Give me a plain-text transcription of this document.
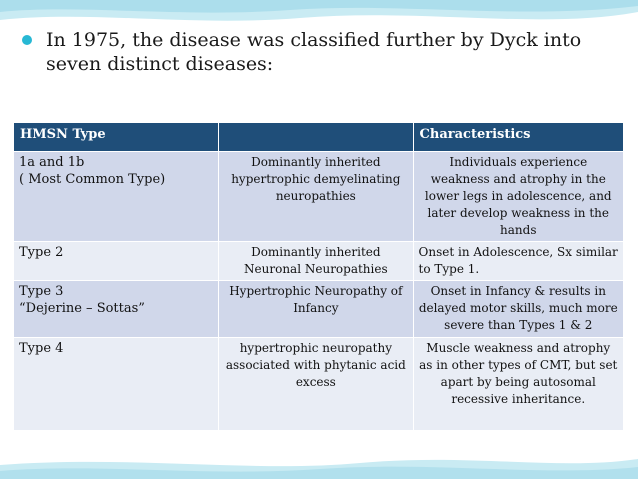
In 1975, the disease was classified further by Dyck into
seven distinct diseases:
HMSN Type		Characteristics

1a and 1b
( Most Common Type)	Dominantly inherited hypertrophic demyelinating neuropathies	Individuals experience weakness and atrophy in the lower legs in adolescence, and later develop weakness in the hands

Type 2	Dominantly inherited Neuronal Neuropathies	Onset in Adolescence, Sx similar to Type 1.

Type 3
“Dejerine – Sottas”	Hypertrophic Neuropathy of Infancy	Onset in Infancy & results in delayed motor skills, much more severe than Types 1 & 2

Type 4	hypertrophic neuropathy associated with phytanic acid excess	Muscle weakness and atrophy as in other types of CMT, but set apart by being autosomal recessive inheritance.
